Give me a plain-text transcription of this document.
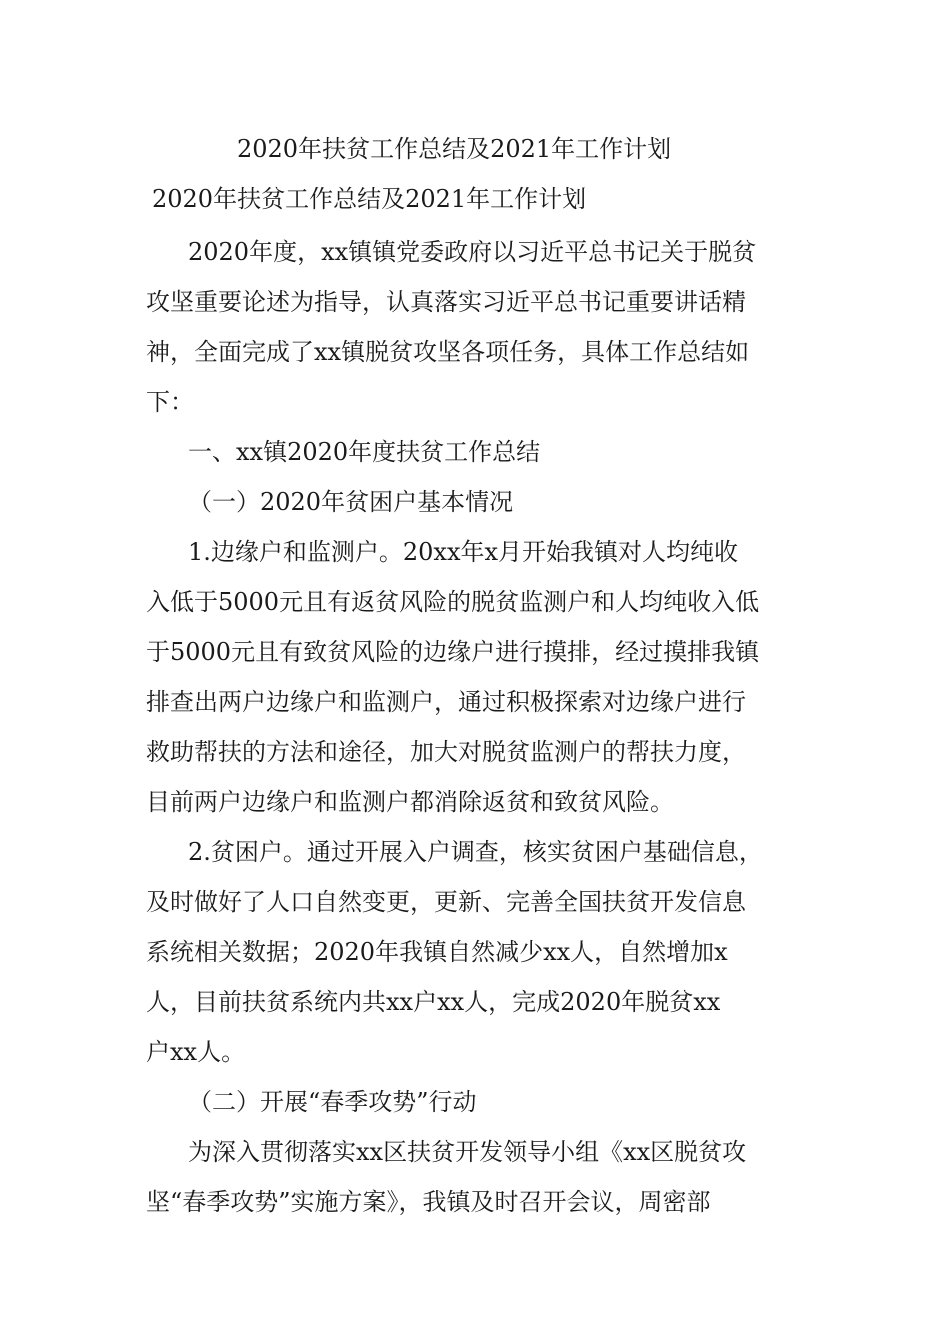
2020年扶贫工作总结及2021年工作计划
2020年扶贫工作总结及2021年工作计划
2020年度，xx镇镇党委政府以习近平总书记关于脱贫
攻坚重要论述为指导，认真落实习近平总书记重要讲话精
神，全面完成了xx镇脱贫攻坚各项任务，具体工作总结如
下：
一、xx镇2020年度扶贫工作总结
（一）2020年贫困户基本情况
1.边缘户和监测户。20xx年x月开始我镇对人均纯收
入低于5000元且有返贫风险的脱贫监测户和人均纯收入低
于5000元且有致贫风险的边缘户进行摸排，经过摸排我镇
排查出两户边缘户和监测户，通过积极探索对边缘户进行
救助帮扶的方法和途径，加大对脱贫监测户的帮扶力度，
目前两户边缘户和监测户都消除返贫和致贫风险。
2.贫困户。通过开展入户调查，核实贫困户基础信息，
及时做好了人口自然变更，更新、完善全国扶贫开发信息
系统相关数据；2020年我镇自然减少xx人，自然增加x
人，目前扶贫系统内共xx户xx人，完成2020年脱贫xx
户xx人。
（二）开展“春季攻势”行动
为深入贯彻落实xx区扶贫开发领导小组《xx区脱贫攻
坚“春季攻势”实施方案》，我镇及时召开会议，周密部
